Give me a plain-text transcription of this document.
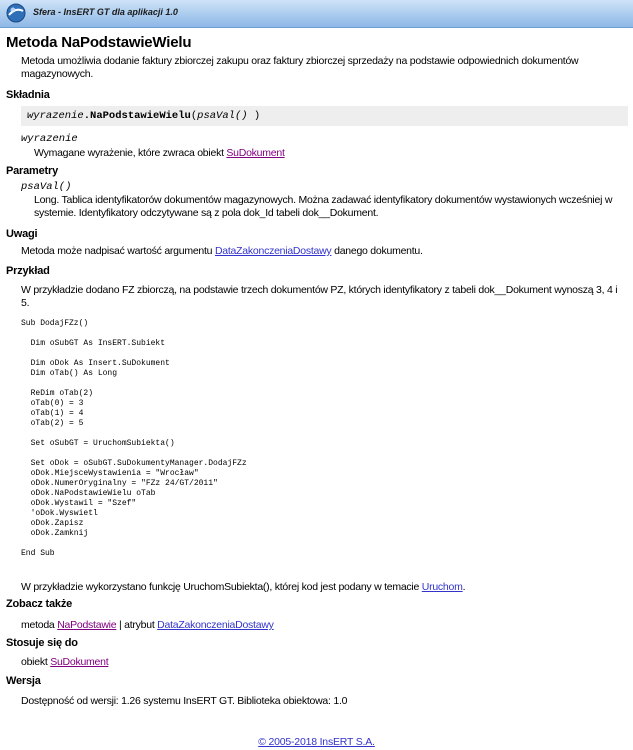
Sfera - InsERT GT dla aplikacji 1.0
Metoda NaPodstawieWielu
Metoda umożliwia dodanie faktury zbiorczej zakupu oraz faktury zbiorczej sprzedaży na podstawie odpowiednich dokumentów magazynowych.
Składnia
wyrazenie.NaPodstawieWielu(psaVal() )
wyrazenie
Wymagane wyrażenie, które zwraca obiekt SuDokument
Parametry
psaVal()
Long. Tablica identyfikatorów dokumentów magazynowych. Można zadawać identyfikatory dokumentów wystawionych wcześniej w systemie. Identyfikatory odczytywane są z pola dok_Id tabeli dok__Dokument.
Uwagi
Metoda może nadpisać wartość argumentu DataZakonczeniaDostawy danego dokumentu.
Przykład
W przykładzie dodano FZ zbiorczą, na podstawie trzech dokumentów PZ, których identyfikatory z tabeli dok__Dokument wynoszą 3, 4 i 5.
Sub DodajFZz()

Dim oSubGT As InsERT.Subiekt

Dim oDok As Insert.SuDokument
Dim oTab() As Long

ReDim oTab(2)
oTab(0) = 3
oTab(1) = 4
oTab(2) = 5

Set oSubGT = UruchomSubiekta()

Set oDok = oSubGT.SuDokumentyManager.DodajFZz
oDok.MiejsceWystawienia = "Wrocław"
oDok.NumerOryginalny = "FZz 24/GT/2011"
oDok.NaPodstawieWielu oTab
oDok.Wystawil = "Szef"
'oDok.Wyswietl
oDok.Zapisz
oDok.Zamknij

End Sub
W przykładzie wykorzystano funkcję UruchomSubiekta(), której kod jest podany w temacie Uruchom.
Zobacz także
metoda NaPodstawie | atrybut DataZakonczeniaDostawy
Stosuje się do
obiekt SuDokument
Wersja
Dostępność od wersji: 1.26 systemu InsERT GT. Biblioteka obiektowa: 1.0
© 2005-2018 InsERT S.A.
